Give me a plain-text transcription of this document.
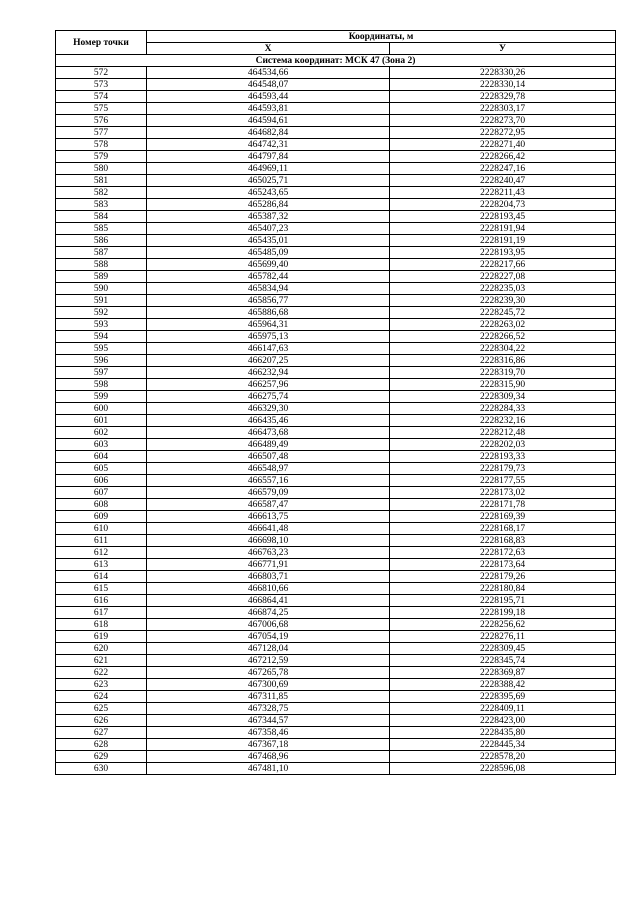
Номер точки	Координаты, м	
	X	У
Система координат: МСК 47 (Зона 2)		
572	464534,66	2228330,26
573	464548,07	2228330,14
574	464593,44	2228329,78
575	464593,81	2228303,17
576	464594,61	2228273,70
577	464682,84	2228272,95
578	464742,31	2228271,40
579	464797,84	2228266,42
580	464969,11	2228247,16
581	465025,71	2228240,47
582	465243,65	2228211,43
583	465286,84	2228204,73
584	465387,32	2228193,45
585	465407,23	2228191,94
586	465435,01	2228191,19
587	465485,09	2228193,95
588	465699,40	2228217,66
589	465782,44	2228227,08
590	465834,94	2228235,03
591	465856,77	2228239,30
592	465886,68	2228245,72
593	465964,31	2228263,02
594	465975,13	2228266,52
595	466147,63	2228304,22
596	466207,25	2228316,86
597	466232,94	2228319,70
598	466257,96	2228315,90
599	466275,74	2228309,34
600	466329,30	2228284,33
601	466435,46	2228232,16
602	466473,68	2228212,48
603	466489,49	2228202,03
604	466507,48	2228193,33
605	466548,97	2228179,73
606	466557,16	2228177,55
607	466579,09	2228173,02
608	466587,47	2228171,78
609	466613,75	2228169,39
610	466641,48	2228168,17
611	466698,10	2228168,83
612	466763,23	2228172,63
613	466771,91	2228173,64
614	466803,71	2228179,26
615	466810,66	2228180,84
616	466864,41	2228195,71
617	466874,25	2228199,18
618	467006,68	2228256,62
619	467054,19	2228276,11
620	467128,04	2228309,45
621	467212,59	2228345,74
622	467265,78	2228369,87
623	467300,69	2228388,42
624	467311,85	2228395,69
625	467328,75	2228409,11
626	467344,57	2228423,00
627	467358,46	2228435,80
628	467367,18	2228445,34
629	467468,96	2228578,20
630	467481,10	2228596,08
